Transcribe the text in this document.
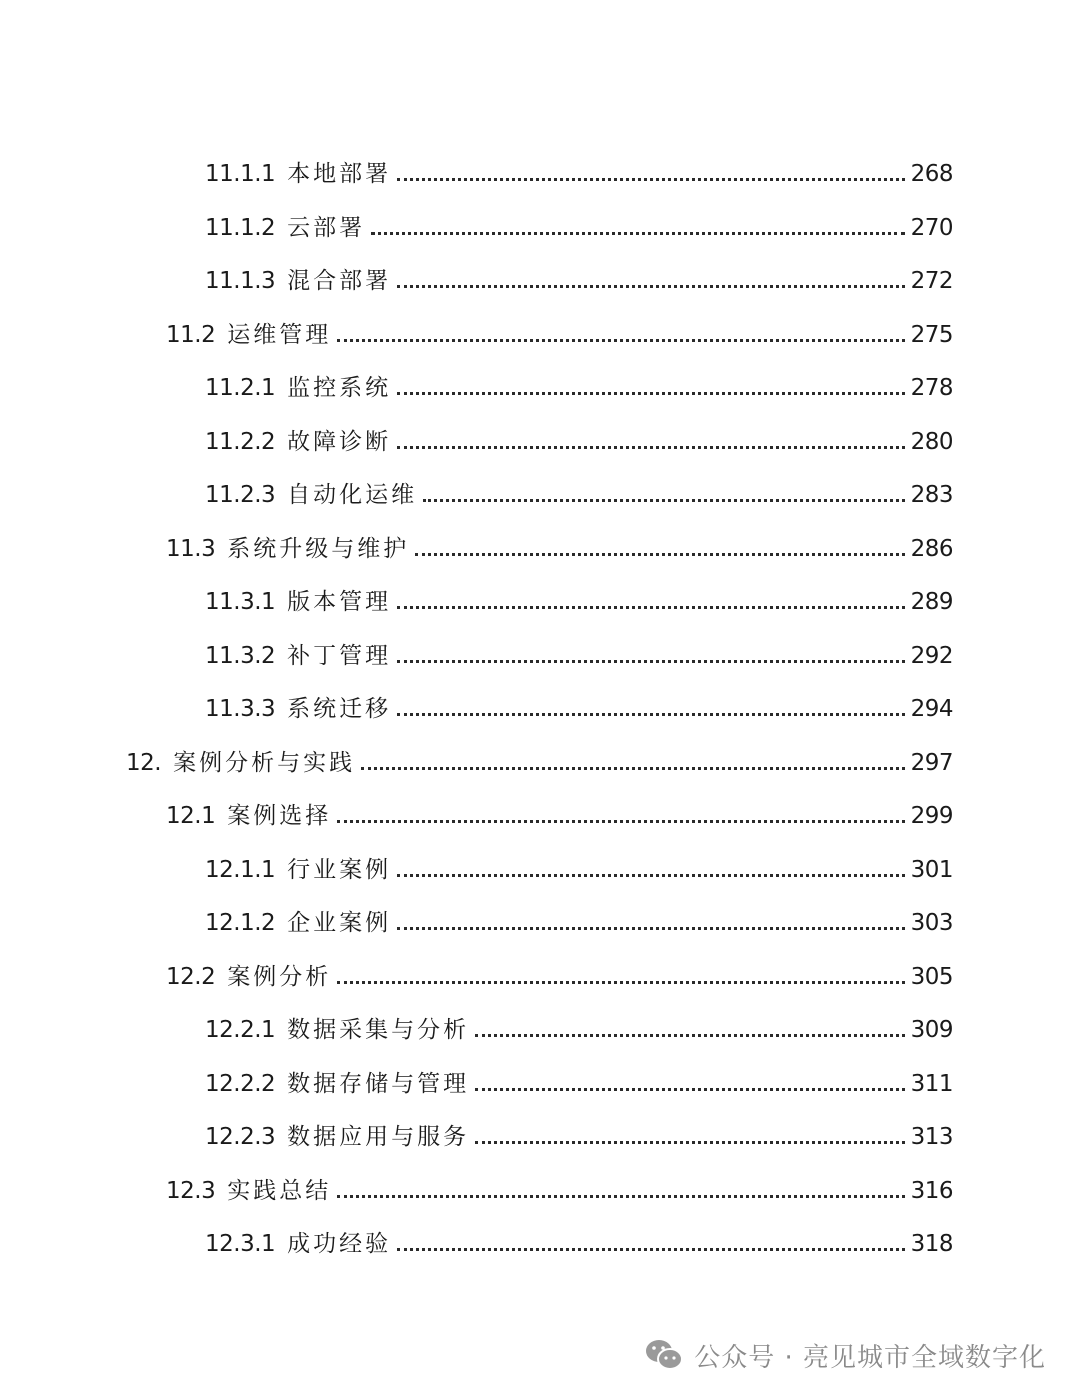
11.1.1 本地部署	268
11.1.2 云部署	270
11.1.3 混合部署	272
11.2 运维管理	275
11.2.1 监控系统	278
11.2.2 故障诊断	280
11.2.3 自动化运维	283
11.3 系统升级与维护	286
11.3.1 版本管理	289
11.3.2 补丁管理	292
11.3.3 系统迁移	294
12. 案例分析与实践	297
12.1 案例选择	299
12.1.1 行业案例	301
12.1.2 企业案例	303
12.2 案例分析	305
12.2.1 数据采集与分析	309
12.2.2 数据存储与管理	311
12.2.3 数据应用与服务	313
12.3 实践总结	316
12.3.1 成功经验	318
公众号 · 亮见城市全域数字化
